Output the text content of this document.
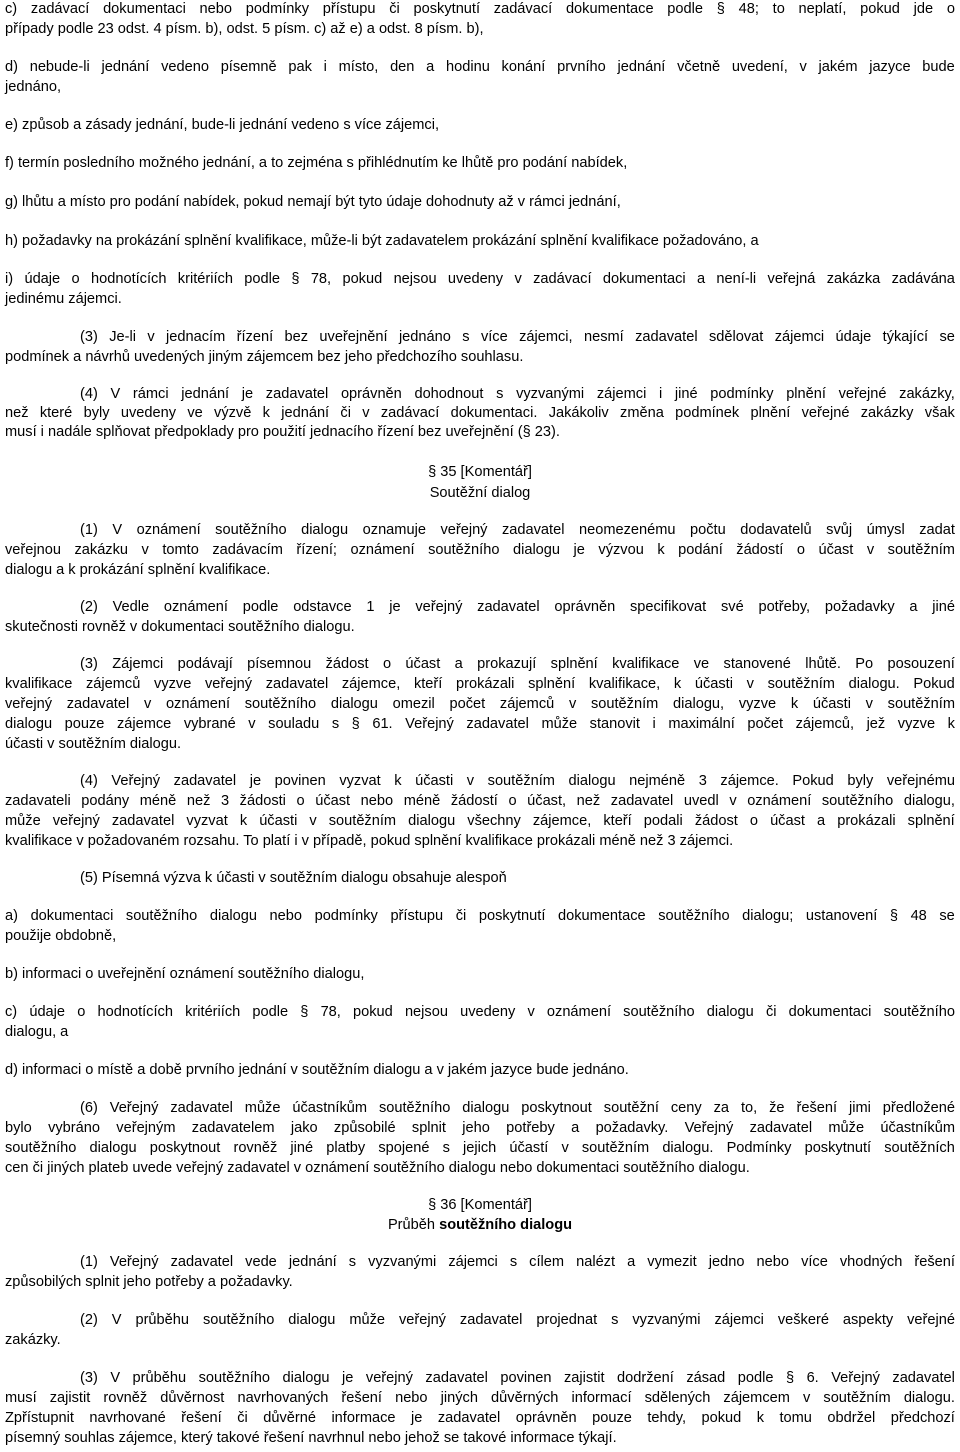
c) zadávací dokumentaci nebo podmínky přístupu či poskytnutí zadávací dokumentace podle § 48; to neplatí, pokud jde o
případy podle 23 odst. 4 písm. b), odst. 5 písm. c) až e) a odst. 8 písm. b),
d) nebude-li jednání vedeno písemně pak i místo, den a hodinu konání prvního jednání včetně uvedení, v jakém jazyce bude
jednáno,
e) způsob a zásady jednání, bude-li jednání vedeno s více zájemci,
f) termín posledního možného jednání, a to zejména s přihlédnutím ke lhůtě pro podání nabídek,
g) lhůtu a místo pro podání nabídek, pokud nemají být tyto údaje dohodnuty až v rámci jednání,
h) požadavky na prokázání splnění kvalifikace, může-li být zadavatelem prokázání splnění kvalifikace požadováno, a
i) údaje o hodnotících kritériích podle § 78, pokud nejsou uvedeny v zadávací dokumentaci a není-li veřejná zakázka zadávána
jedinému zájemci.
(3) Je-li v jednacím řízení bez uveřejnění jednáno s více zájemci, nesmí zadavatel sdělovat zájemci údaje týkající se
podmínek a návrhů uvedených jiným zájemcem bez jeho předchozího souhlasu.
(4) V rámci jednání je zadavatel oprávněn dohodnout s vyzvanými zájemci i jiné podmínky plnění veřejné zakázky,
než které byly uvedeny ve výzvě k jednání či v zadávací dokumentaci. Jakákoliv změna podmínek plnění veřejné zakázky však
musí i nadále splňovat předpoklady pro použití jednacího řízení bez uveřejnění (§ 23).
§ 35 [Komentář]
Soutěžní dialog
(1) V oznámení soutěžního dialogu oznamuje veřejný zadavatel neomezenému počtu dodavatelů svůj úmysl zadat
veřejnou zakázku v tomto zadávacím řízení; oznámení soutěžního dialogu je výzvou k podání žádostí o účast v soutěžním
dialogu a k prokázání splnění kvalifikace.
(2) Vedle oznámení podle odstavce 1 je veřejný zadavatel oprávněn specifikovat své potřeby, požadavky a jiné
skutečnosti rovněž v dokumentaci soutěžního dialogu.
(3) Zájemci podávají písemnou žádost o účast a prokazují splnění kvalifikace ve stanovené lhůtě. Po posouzení
kvalifikace zájemců vyzve veřejný zadavatel zájemce, kteří prokázali splnění kvalifikace, k účasti v soutěžním dialogu. Pokud
veřejný zadavatel v oznámení soutěžního dialogu omezil počet zájemců v soutěžním dialogu, vyzve k účasti v soutěžním
dialogu pouze zájemce vybrané v souladu s § 61. Veřejný zadavatel může stanovit i maximální počet zájemců, jež vyzve k
účasti v soutěžním dialogu.
(4) Veřejný zadavatel je povinen vyzvat k účasti v soutěžním dialogu nejméně 3 zájemce. Pokud byly veřejnému
zadavateli podány méně než 3 žádosti o účast nebo méně žádostí o účast, než zadavatel uvedl v oznámení soutěžního dialogu,
může veřejný zadavatel vyzvat k účasti v soutěžním dialogu všechny zájemce, kteří podali žádost o účast a prokázali splnění
kvalifikace v požadovaném rozsahu. To platí i v případě, pokud splnění kvalifikace prokázali méně než 3 zájemci.
(5) Písemná výzva k účasti v soutěžním dialogu obsahuje alespoň
a) dokumentaci soutěžního dialogu nebo podmínky přístupu či poskytnutí dokumentace soutěžního dialogu; ustanovení § 48 se
použije obdobně,
b) informaci o uveřejnění oznámení soutěžního dialogu,
c) údaje o hodnotících kritériích podle § 78, pokud nejsou uvedeny v oznámení soutěžního dialogu či dokumentaci soutěžního
dialogu, a
d) informaci o místě a době prvního jednání v soutěžním dialogu a v jakém jazyce bude jednáno.
(6) Veřejný zadavatel může účastníkům soutěžního dialogu poskytnout soutěžní ceny za to, že řešení jimi předložené
bylo vybráno veřejným zadavatelem jako způsobilé splnit jeho potřeby a požadavky. Veřejný zadavatel může účastníkům
soutěžního dialogu poskytnout rovněž jiné platby spojené s jejich účastí v soutěžním dialogu. Podmínky poskytnutí soutěžních
cen či jiných plateb uvede veřejný zadavatel v oznámení soutěžního dialogu nebo dokumentaci soutěžního dialogu.
§ 36 [Komentář]
Průběh soutěžního dialogu
(1) Veřejný zadavatel vede jednání s vyzvanými zájemci s cílem nalézt a vymezit jedno nebo více vhodných řešení
způsobilých splnit jeho potřeby a požadavky.
(2) V průběhu soutěžního dialogu může veřejný zadavatel projednat s vyzvanými zájemci veškeré aspekty veřejné
zakázky.
(3) V průběhu soutěžního dialogu je veřejný zadavatel povinen zajistit dodržení zásad podle § 6. Veřejný zadavatel
musí zajistit rovněž důvěrnost navrhovaných řešení nebo jiných důvěrných informací sdělených zájemcem v soutěžním dialogu.
Zpřístupnit navrhované řešení či důvěrné informace je zadavatel oprávněn pouze tehdy, pokud k tomu obdržel předchozí
písemný souhlas zájemce, který takové řešení navrhnul nebo jehož se takové informace týkají.
